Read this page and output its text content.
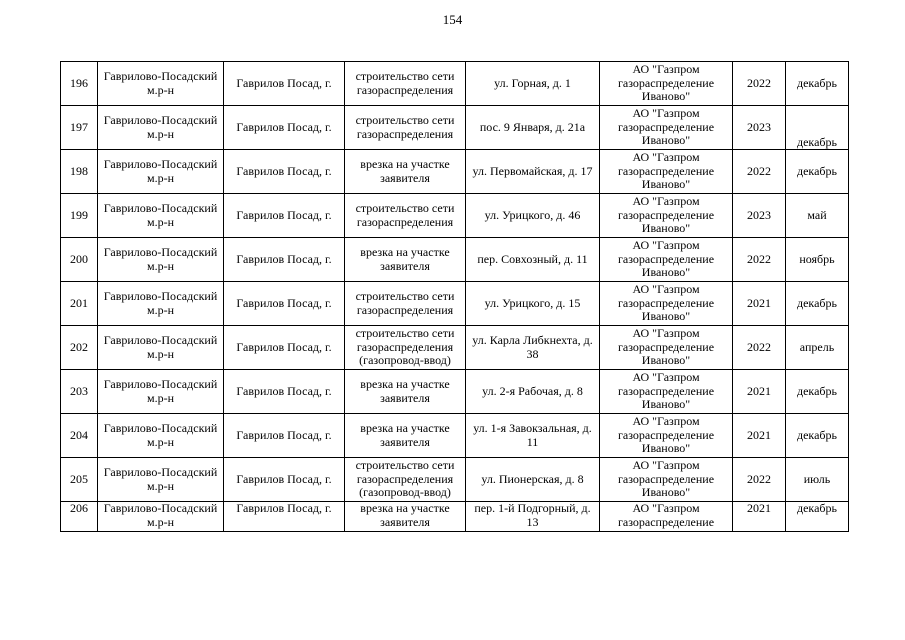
154
196	Гаврилово-Посадский м.р-н	Гаврилов Посад, г.	строительство сети газораспределения	ул. Горная, д. 1	АО "Газпром
газораспределение
Иваново"	2022	декабрь
197	Гаврилово-Посадский м.р-н	Гаврилов Посад, г.	строительство сети газораспределения	пос. 9 Января, д. 21а	АО "Газпром
газораспределение
Иваново"	2023	декабрь
198	Гаврилово-Посадский м.р-н	Гаврилов Посад, г.	врезка на участке заявителя	ул. Первомайская, д. 17	АО "Газпром
газораспределение
Иваново"	2022	декабрь
199	Гаврилово-Посадский м.р-н	Гаврилов Посад, г.	строительство сети газораспределения	ул. Урицкого, д. 46	АО "Газпром
газораспределение
Иваново"	2023	май
200	Гаврилово-Посадский м.р-н	Гаврилов Посад, г.	врезка на участке заявителя	пер. Совхозный, д. 11	АО "Газпром
газораспределение
Иваново"	2022	ноябрь
201	Гаврилово-Посадский м.р-н	Гаврилов Посад, г.	строительство сети газораспределения	ул. Урицкого, д. 15	АО "Газпром
газораспределение
Иваново"	2021	декабрь
202	Гаврилово-Посадский м.р-н	Гаврилов Посад, г.	строительство сети газораспределения (газопровод-ввод)	ул. Карла Либкнехта, д. 38	АО "Газпром
газораспределение
Иваново"	2022	апрель
203	Гаврилово-Посадский м.р-н	Гаврилов Посад, г.	врезка на участке заявителя	ул. 2-я Рабочая, д. 8	АО "Газпром
газораспределение
Иваново"	2021	декабрь
204	Гаврилово-Посадский м.р-н	Гаврилов Посад, г.	врезка на участке заявителя	ул. 1-я Завокзальная, д. 11	АО "Газпром
газораспределение
Иваново"	2021	декабрь
205	Гаврилово-Посадский м.р-н	Гаврилов Посад, г.	строительство сети газораспределения (газопровод-ввод)	ул. Пионерская, д. 8	АО "Газпром
газораспределение
Иваново"	2022	июль
206	Гаврилово-Посадский м.р-н	Гаврилов Посад, г.	врезка на участке заявителя	пер. 1-й Подгорный, д. 13	АО "Газпром
газораспределение	2021	декабрь
